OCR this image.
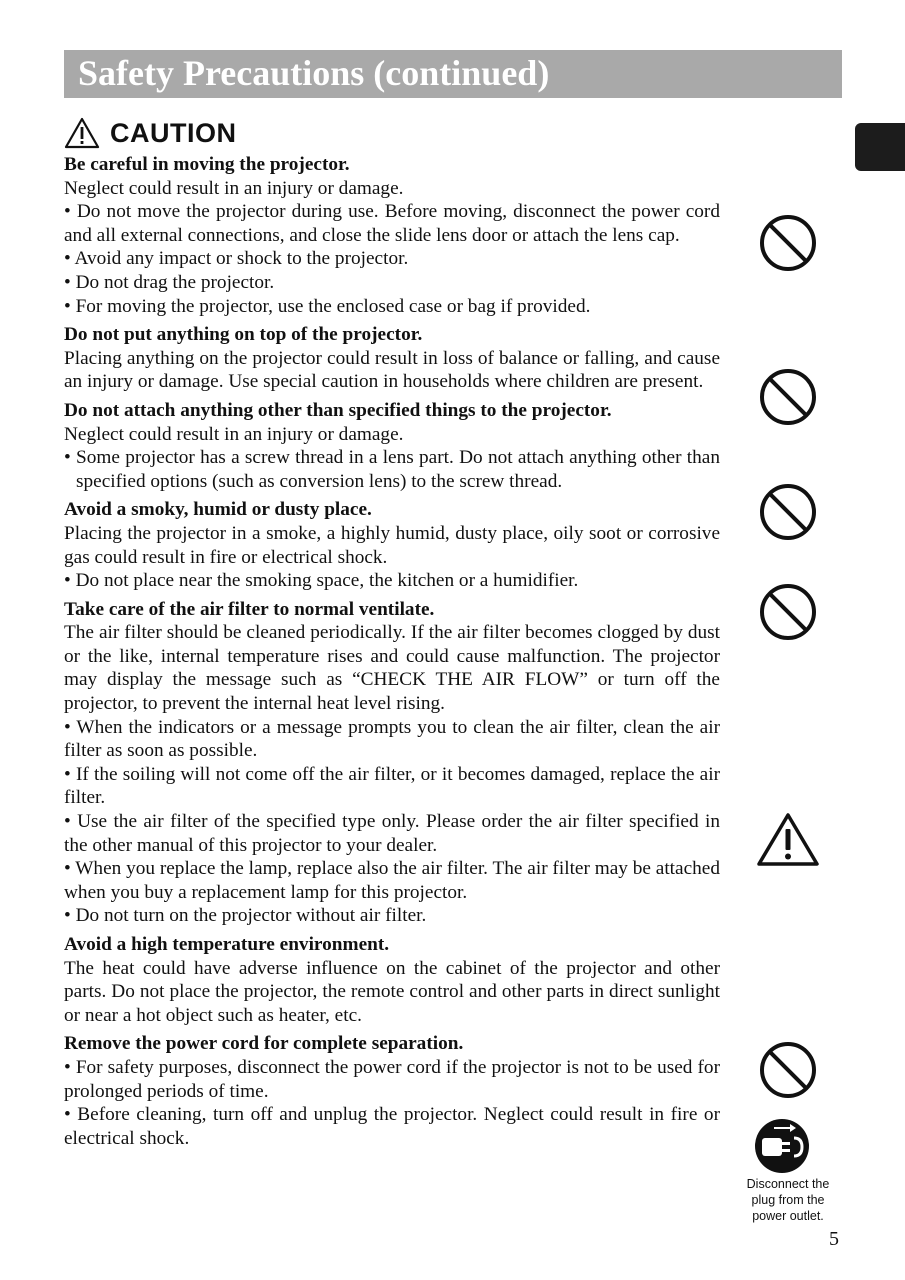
Safety Precautions (continued)
CAUTION
Be careful in moving the projector.

Neglect could result in an injury or damage.

• Do not move the projector during use. Before moving, disconnect the power cord and all external connections, and close the slide lens door or attach the lens cap.

• Avoid any impact or shock to the projector.

• Do not drag the projector.

• For moving the projector, use the enclosed case or bag if provided.

Do not put anything on top of the projector.

Placing anything on the projector could result in loss of balance or falling, and cause an injury or damage. Use special caution in households where children are present.

Do not attach anything other than specified things to the projector.

Neglect could result in an injury or damage.

• Some projector has a screw thread in a lens part. Do not attach anything other than specified options (such as conversion lens) to the screw thread.

Avoid a smoky, humid or dusty place.

Placing the projector in a smoke, a highly humid, dusty place, oily soot or corrosive gas could result in fire or electrical shock.

• Do not place near the smoking space, the kitchen or a humidifier.

Take care of the air filter to normal ventilate.

The air filter should be cleaned periodically. If the air filter becomes clogged by dust or the like, internal temperature rises and could cause malfunction. The projector may display the message such as “CHECK THE AIR FLOW” or turn off the projector, to prevent the internal heat level rising.

• When the indicators or a message prompts you to clean the air filter, clean the air filter as soon as possible.

• If the soiling will not come off the air filter, or it becomes damaged, replace the air filter.

• Use the air filter of the specified type only. Please order the air filter specified in the other manual of this projector to your dealer.

• When you replace the lamp, replace also the air filter. The air filter may be attached when you buy a replacement lamp for this projector.

• Do not turn on the projector without air filter.

Avoid a high temperature environment.

The heat could have adverse influence on the cabinet of the projector and other parts. Do not place the projector, the remote control and other parts in direct sunlight or near a hot object such as heater, etc.

Remove the power cord for complete separation.

• For safety purposes, disconnect the power cord if the projector is not to be used for prolonged periods of time.

• Before cleaning, turn off and unplug the projector. Neglect could result in fire or electrical shock.

Disconnect the
plug from the
power outlet.
5
